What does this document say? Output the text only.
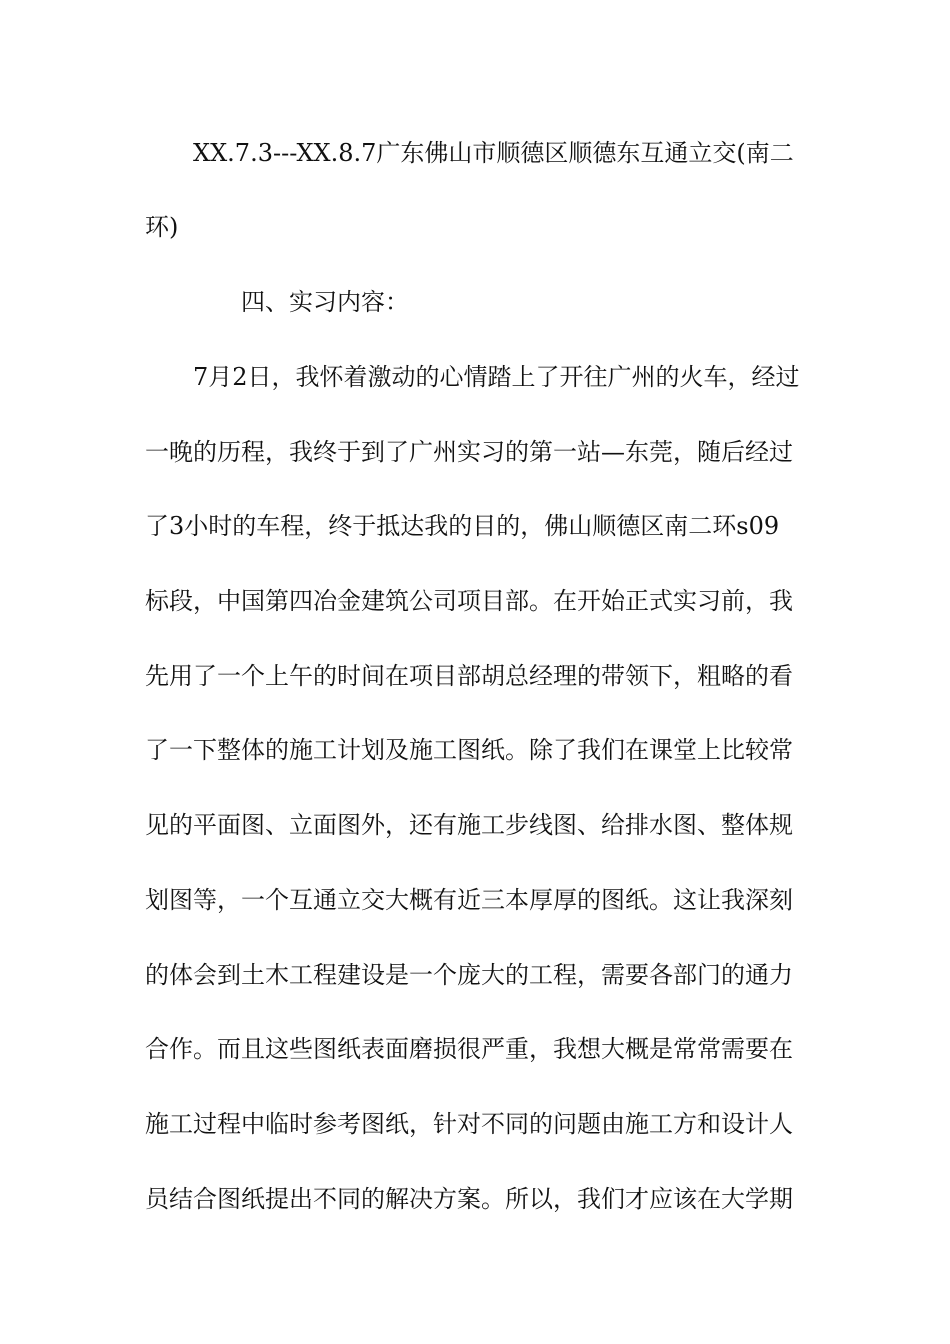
XX.7.3---XX.8.7广东佛山市顺德区顺德东互通立交(南二
环)
四、实习内容：
7月2日，我怀着激动的心情踏上了开往广州的火车，经过
一晚的历程，我终于到了广州实习的第一站—东莞，随后经过
了3小时的车程，终于抵达我的目的，佛山顺德区南二环s09
标段，中国第四冶金建筑公司项目部。在开始正式实习前，我
先用了一个上午的时间在项目部胡总经理的带领下，粗略的看
了一下整体的施工计划及施工图纸。除了我们在课堂上比较常
见的平面图、立面图外，还有施工步线图、给排水图、整体规
划图等，一个互通立交大概有近三本厚厚的图纸。这让我深刻
的体会到土木工程建设是一个庞大的工程，需要各部门的通力
合作。而且这些图纸表面磨损很严重，我想大概是常常需要在
施工过程中临时参考图纸，针对不同的问题由施工方和设计人
员结合图纸提出不同的解决方案。所以，我们才应该在大学期
